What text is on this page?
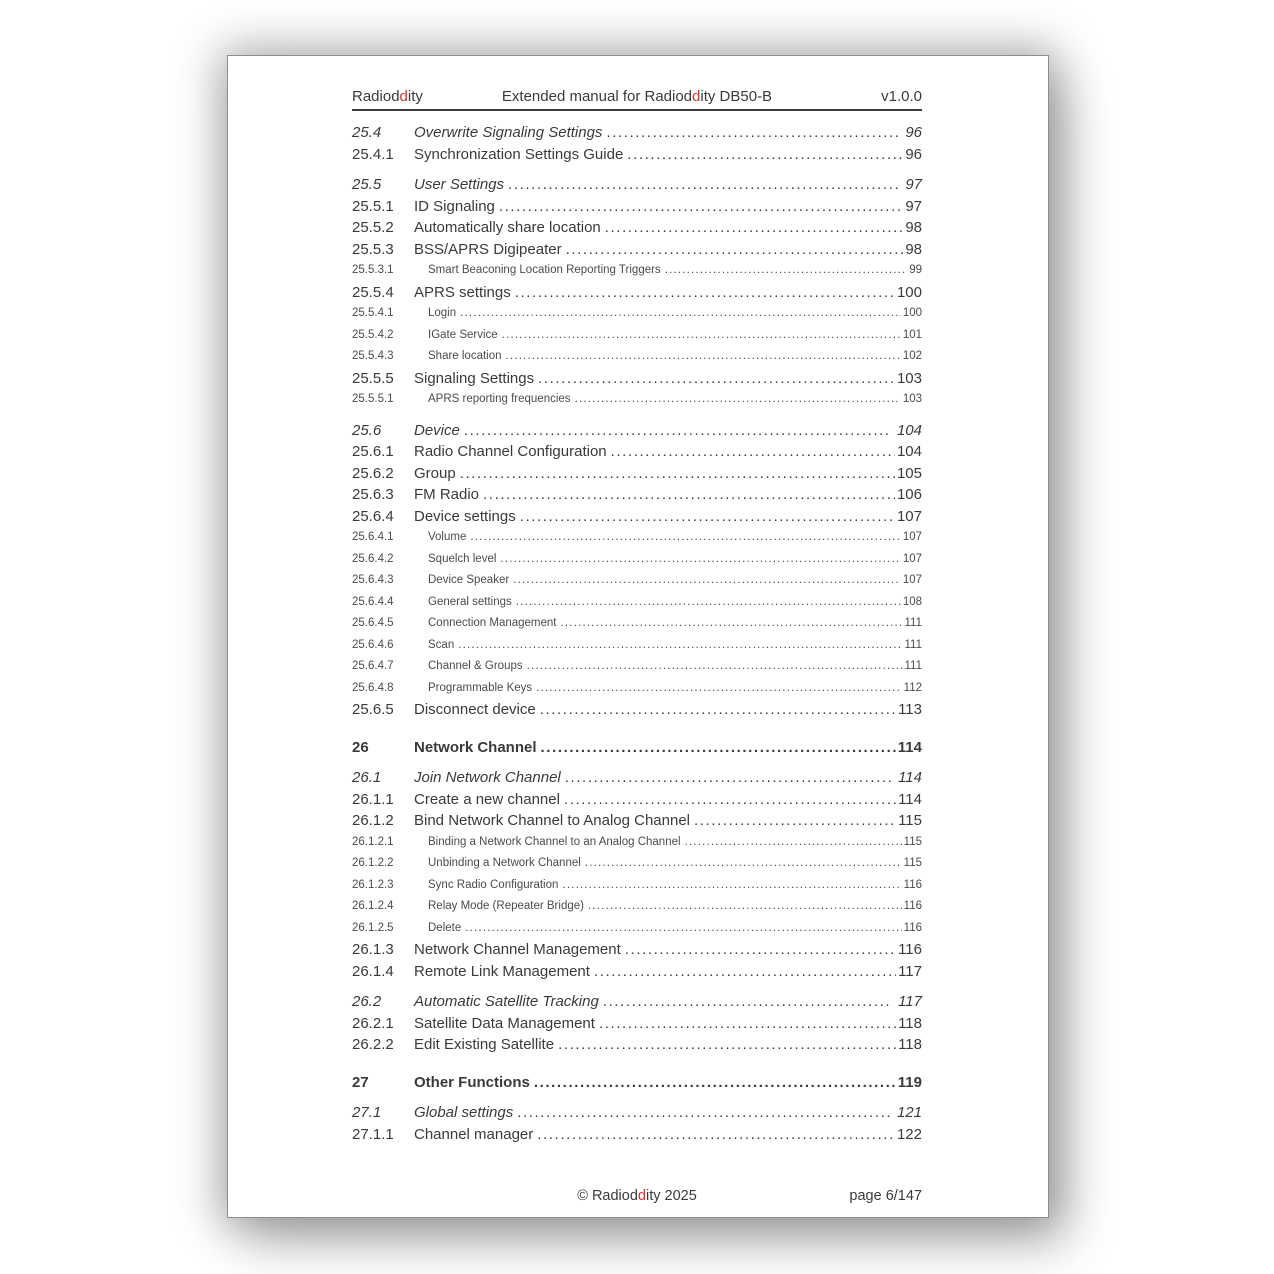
Radioddity	Extended manual for Radioddity DB50-B	v1.0.0
25.4	Overwrite Signaling Settings .....	96
25.4.1	Synchronization Settings Guide .....	96
25.5	User Settings .....	97
25.5.1	ID Signaling .....	97
25.5.2	Automatically share location .....	98
25.5.3	BSS/APRS Digipeater .....	98
25.5.3.1	Smart Beaconing Location Reporting Triggers .....	99
25.5.4	APRS settings .....	100
25.5.4.1	Login .....	100
25.5.4.2	IGate Service .....	101
25.5.4.3	Share location .....	102
25.5.5	Signaling Settings .....	103
25.5.5.1	APRS reporting frequencies .....	103
25.6	Device .....	104
25.6.1	Radio Channel Configuration .....	104
25.6.2	Group .....	105
25.6.3	FM Radio .....	106
25.6.4	Device settings .....	107
25.6.4.1	Volume .....	107
25.6.4.2	Squelch level .....	107
25.6.4.3	Device Speaker .....	107
25.6.4.4	General settings .....	108
25.6.4.5	Connection Management .....	111
25.6.4.6	Scan .....	111
25.6.4.7	Channel & Groups .....	111
25.6.4.8	Programmable Keys .....	112
25.6.5	Disconnect device .....	113
26	Network Channel .....	114
26.1	Join Network Channel .....	114
26.1.1	Create a new channel .....	114
26.1.2	Bind Network Channel to Analog Channel .....	115
26.1.2.1	Binding a Network Channel to an Analog Channel .....	115
26.1.2.2	Unbinding a Network Channel .....	115
26.1.2.3	Sync Radio Configuration .....	116
26.1.2.4	Relay Mode (Repeater Bridge) .....	116
26.1.2.5	Delete .....	116
26.1.3	Network Channel Management .....	116
26.1.4	Remote Link Management .....	117
26.2	Automatic Satellite Tracking .....	117
26.2.1	Satellite Data Management .....	118
26.2.2	Edit Existing Satellite .....	118
27	Other Functions .....	119
27.1	Global settings .....	121
27.1.1	Channel manager .....	122
© Radioddity 2025	page 6/147
